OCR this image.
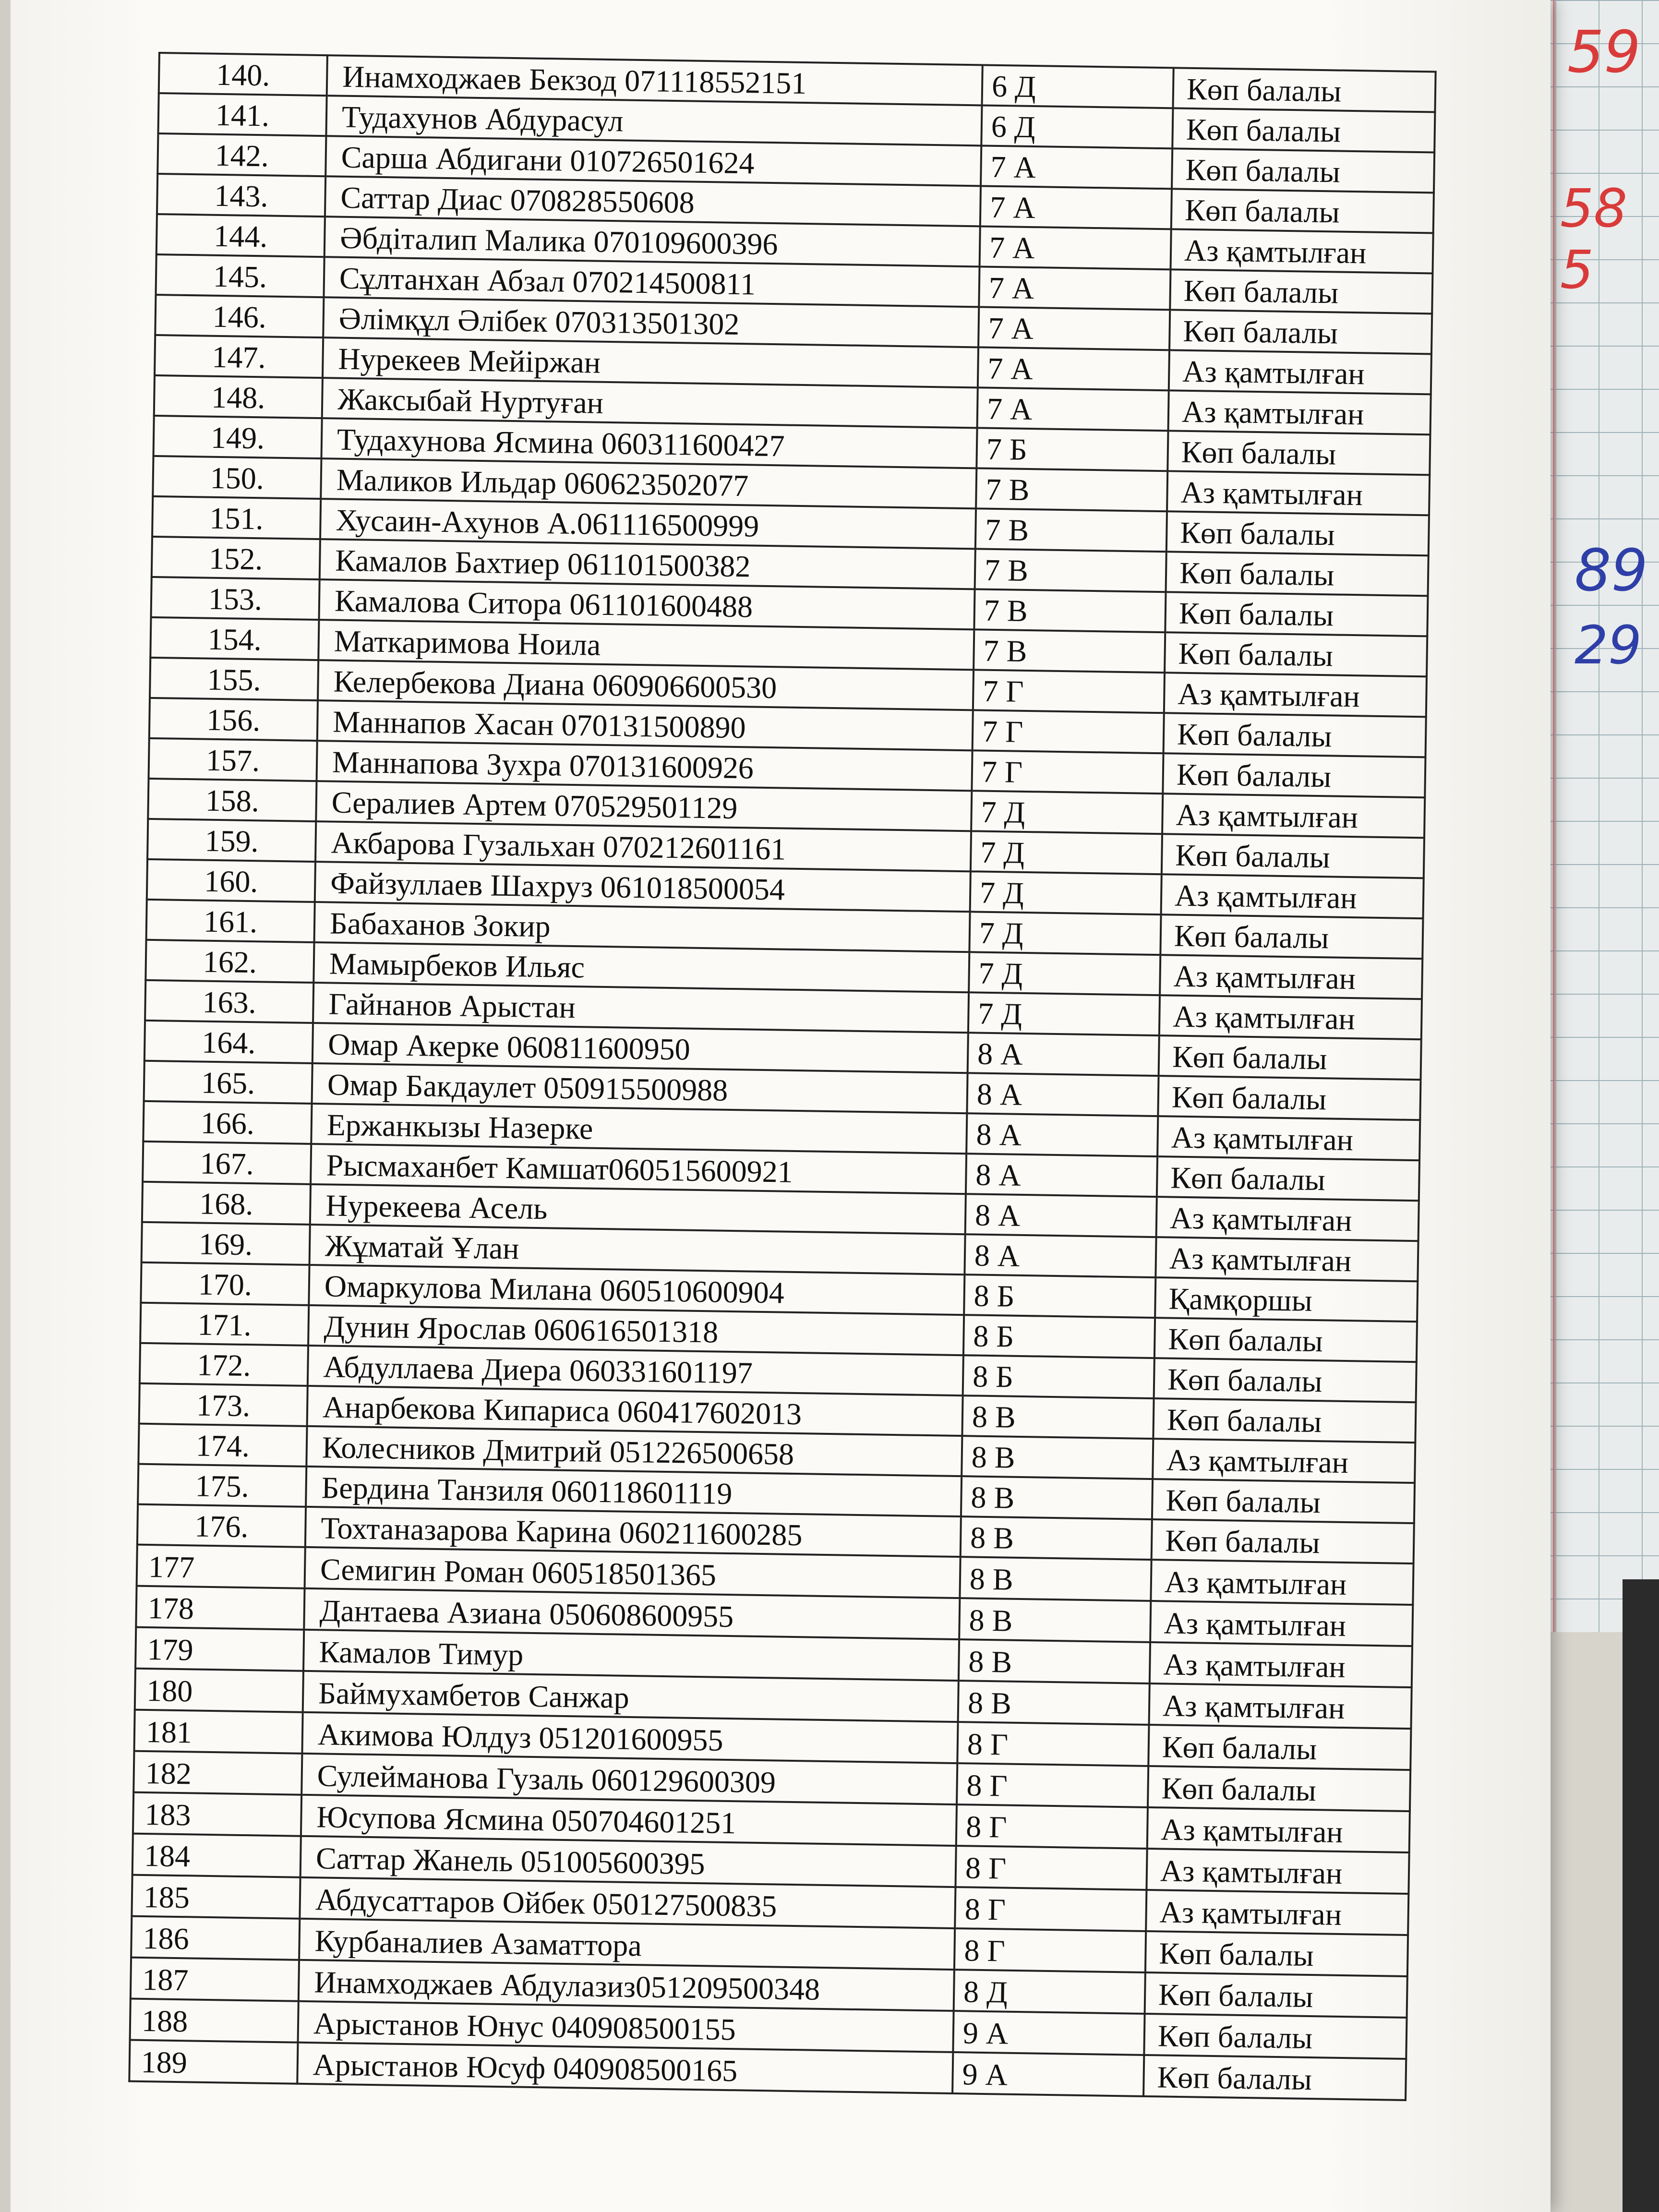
59
58 5
89
29
140.	Инамходжаев Бекзод 071118552151	6 Д	Көп балалы
141.	Тудахунов Абдурасул	6 Д	Көп балалы
142.	Сарша Абдигани 010726501624	7 А	Көп балалы
143.	Саттар Диас 070828550608	7 А	Көп балалы
144.	Әбдіталип Малика 070109600396	7 А	Аз қамтылған
145.	Сұлтанхан Абзал 070214500811	7 А	Көп балалы
146.	Әлімқұл Әлібек 070313501302	7 А	Көп балалы
147.	Нурекеев Мейіржан	7 А	Аз қамтылған
148.	Жаксыбай Нуртуған	7 А	Аз қамтылған
149.	Тудахунова Ясмина 060311600427	7 Б	Көп балалы
150.	Маликов Ильдар 060623502077	7 В	Аз қамтылған
151.	Хусаин-Ахунов А.061116500999	7 В	Көп балалы
152.	Камалов Бахтиер 061101500382	7 В	Көп балалы
153.	Камалова Ситора 061101600488	7 В	Көп балалы
154.	Маткаримова Ноила	7 В	Көп балалы
155.	Келербекова Диана 060906600530	7 Г	Аз қамтылған
156.	Маннапов Хасан 070131500890	7 Г	Көп балалы
157.	Маннапова Зухра 070131600926	7 Г	Көп балалы
158.	Сералиев Артем 070529501129	7 Д	Аз қамтылған
159.	Акбарова Гузальхан 070212601161	7 Д	Көп балалы
160.	Файзуллаев Шахруз 061018500054	7 Д	Аз қамтылған
161.	Бабаханов Зокир	7 Д	Көп балалы
162.	Мамырбеков Ильяс	7 Д	Аз қамтылған
163.	Гайнанов Арыстан	7 Д	Аз қамтылған
164.	Омар Акерке 060811600950	8 А	Көп балалы
165.	Омар Бакдаулет 050915500988	8 А	Көп балалы
166.	Ержанкызы Назерке	8 А	Аз қамтылған
167.	Рысмаханбет Камшат060515600921	8 А	Көп балалы
168.	Нурекеева Асель	8 А	Аз қамтылған
169.	Жұматай Ұлан	8 А	Аз қамтылған
170.	Омаркулова Милана 060510600904	8 Б	Қамқоршы
171.	Дунин Ярослав 060616501318	8 Б	Көп балалы
172.	Абдуллаева Диера 060331601197	8 Б	Көп балалы
173.	Анарбекова Кипариса 060417602013	8 В	Көп балалы
174.	Колесников Дмитрий 051226500658	8 В	Аз қамтылған
175.	Бердина Танзиля 060118601119	8 В	Көп балалы
176.	Тохтаназарова Карина 060211600285	8 В	Көп балалы
177	Семигин Роман 060518501365	8 В	Аз қамтылған
178	Дантаева Азиана 050608600955	8 В	Аз қамтылған
179	Камалов Тимур	8 В	Аз қамтылған
180	Баймухамбетов Санжар	8 В	Аз қамтылған
181	Акимова Юлдуз 051201600955	8 Г	Көп балалы
182	Сулейманова Гузаль 060129600309	8 Г	Көп балалы
183	Юсупова Ясмина 050704601251	8 Г	Аз қамтылған
184	Саттар Жанель 051005600395	8 Г	Аз қамтылған
185	Абдусаттаров Ойбек 050127500835	8 Г	Аз қамтылған
186	Курбаналиев Азаматтора	8 Г	Көп балалы
187	Инамходжаев Абдулазиз051209500348	8 Д	Көп балалы
188	Арыстанов Юнус 040908500155	9 А	Көп балалы
189	Арыстанов Юсуф 040908500165	9 А	Көп балалы
